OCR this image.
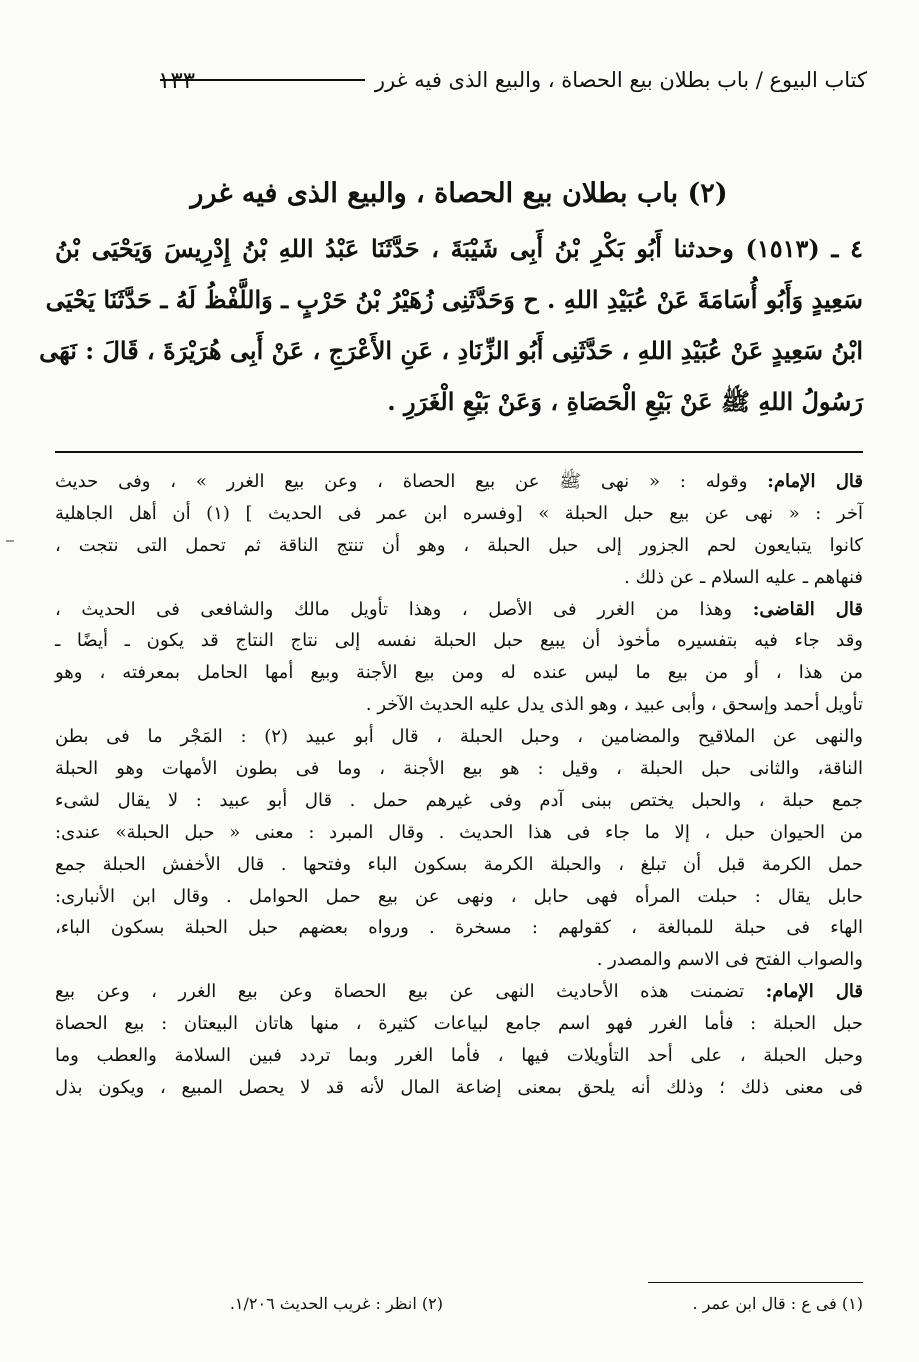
كتاب البيوع / باب بطلان بيع الحصاة ، والبيع الذى فيه غرر
١٣٣
(٢) باب بطلان بيع الحصاة ، والبيع الذى فيه غرر
٤ ـ (١٥١٣) وحدثنا أَبُو بَكْرِ بْنُ أَبِى شَيْبَةَ ، حَدَّثَنَا عَبْدُ اللهِ بْنُ إِدْرِيسَ وَيَحْيَى بْنُ
سَعِيدٍ وَأَبُو أُسَامَةَ عَنْ عُبَيْدِ اللهِ . ح وَحَدَّثَنِى زُهَيْرُ بْنُ حَرْبٍ ـ وَاللَّفْظُ لَهُ ـ حَدَّثَنَا يَحْيَى
ابْنُ سَعِيدٍ عَنْ عُبَيْدِ اللهِ ، حَدَّثَنِى أَبُو الزِّنَادِ ، عَنِ الأَعْرَجِ ، عَنْ أَبِى هُرَيْرَةَ ، قَالَ : نَهَى
رَسُولُ اللهِ ﷺ عَنْ بَيْعِ الْحَصَاةِ ، وَعَنْ بَيْعِ الْغَرَرِ .
قال الإمام: وقوله : « نهى ﷺ عن بيع الحصاة ، وعن بيع الغرر » ، وفى حديث
آخر : « نهى عن بيع حبل الحبلة » [وفسره ابن عمر فى الحديث ] (١) أن أهل الجاهلية
كانوا يتبايعون لحم الجزور إلى حبل الحبلة ، وهو أن تنتج الناقة ثم تحمل التى نتجت ،
فنهاهم ـ عليه السلام ـ عن ذلك .
قال القاضى: وهذا من الغرر فى الأصل ، وهذا تأويل مالك والشافعى فى الحديث ،
وقد جاء فيه بتفسيره مأخوذ أن يبيع حبل الحبلة نفسه إلى نتاج النتاج قد يكون ـ أيضًا ـ
من هذا ، أو من بيع ما ليس عنده له ومن بيع الأجنة وبيع أمها الحامل بمعرفته ، وهو
تأويل أحمد وإسحق ، وأبى عبيد ، وهو الذى يدل عليه الحديث الآخر .
والنهى عن الملاقيح والمضامين ، وحبل الحبلة ، قال أبو عبيد (٢) : المَجْر ما فى بطن
الناقة، والثانى حبل الحبلة ، وقيل : هو بيع الأجنة ، وما فى بطون الأمهات وهو الحبلة
جمع حبلة ، والحبل يختص ببنى آدم وفى غيرهم حمل . قال أبو عبيد : لا يقال لشىء
من الحيوان حبل ، إلا ما جاء فى هذا الحديث . وقال المبرد : معنى « حبل الحبلة» عندى:
حمل الكرمة قبل أن تبلغ ، والحبلة الكرمة بسكون الباء وفتحها . قال الأخفش الحبلة جمع
حابل يقال : حبلت المرأه فهى حابل ، ونهى عن بيع حمل الحوامل . وقال ابن الأنبارى:
الهاء فى حبلة للمبالغة ، كقولهم : مسخرة . ورواه بعضهم حبل الحبلة بسكون الباء،
والصواب الفتح فى الاسم والمصدر .
قال الإمام: تضمنت هذه الأحاديث النهى عن بيع الحصاة وعن بيع الغرر ، وعن بيع
حبل الحبلة : فأما الغرر فهو اسم جامع لبياعات كثيرة ، منها هاتان البيعتان : بيع الحصاة
وحبل الحبلة ، على أحد التأويلات فيها ، فأما الغرر وبما تردد فبين السلامة والعطب وما
فى معنى ذلك ؛ وذلك أنه يلحق بمعنى إضاعة المال لأنه قد لا يحصل المبيع ، ويكون بذل
(١) فى ع : قال ابن عمر .
(٢) انظر : غريب الحديث ١/٢٠٦.
